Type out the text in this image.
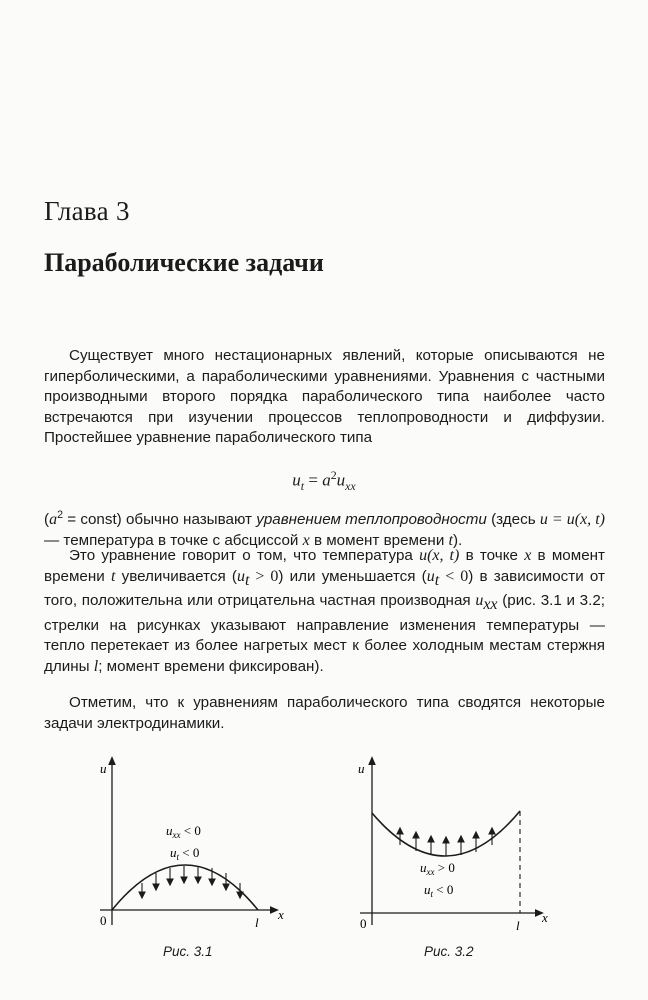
Глава 3
Параболические задачи
Существует много нестационарных явлений, которые описываются не гиперболическими, а параболическими уравнениями. Уравнения с частными производными второго порядка параболического типа наиболее часто встречаются при изучении процессов теплопроводности и диффузии. Простейшее уравнение параболического типа
$u_t = a^2u_{xx}$
($a^2$ = const) обычно называют уравнением теплопроводности (здесь u = u(x, t) — температура в точке с абсциссой x в момент времени t).
Это уравнение говорит о том, что температура u(x, t) в точке x в момент времени t увеличивается $(u_t > 0)$ или уменьшается $(u_t < 0)$ в зависимости от того, положительна или отрицательна частная производная $u_{xx}$ (рис. 3.1 и 3.2; стрелки на рисунках указывают направление изменения температуры — тепло перетекает из более нагретых мест к более холодным местам стержня длины l; момент времени фиксирован).
Отметим, что к уравнениям параболического типа сводятся некоторые задачи электродинамики.
u
x
0	l
$u_{xx} < 0$
$u_t < 0$
Рис. 3.1
u
x
0	l
$u_{xx} > 0$
$u_t < 0$
Рис. 3.2
